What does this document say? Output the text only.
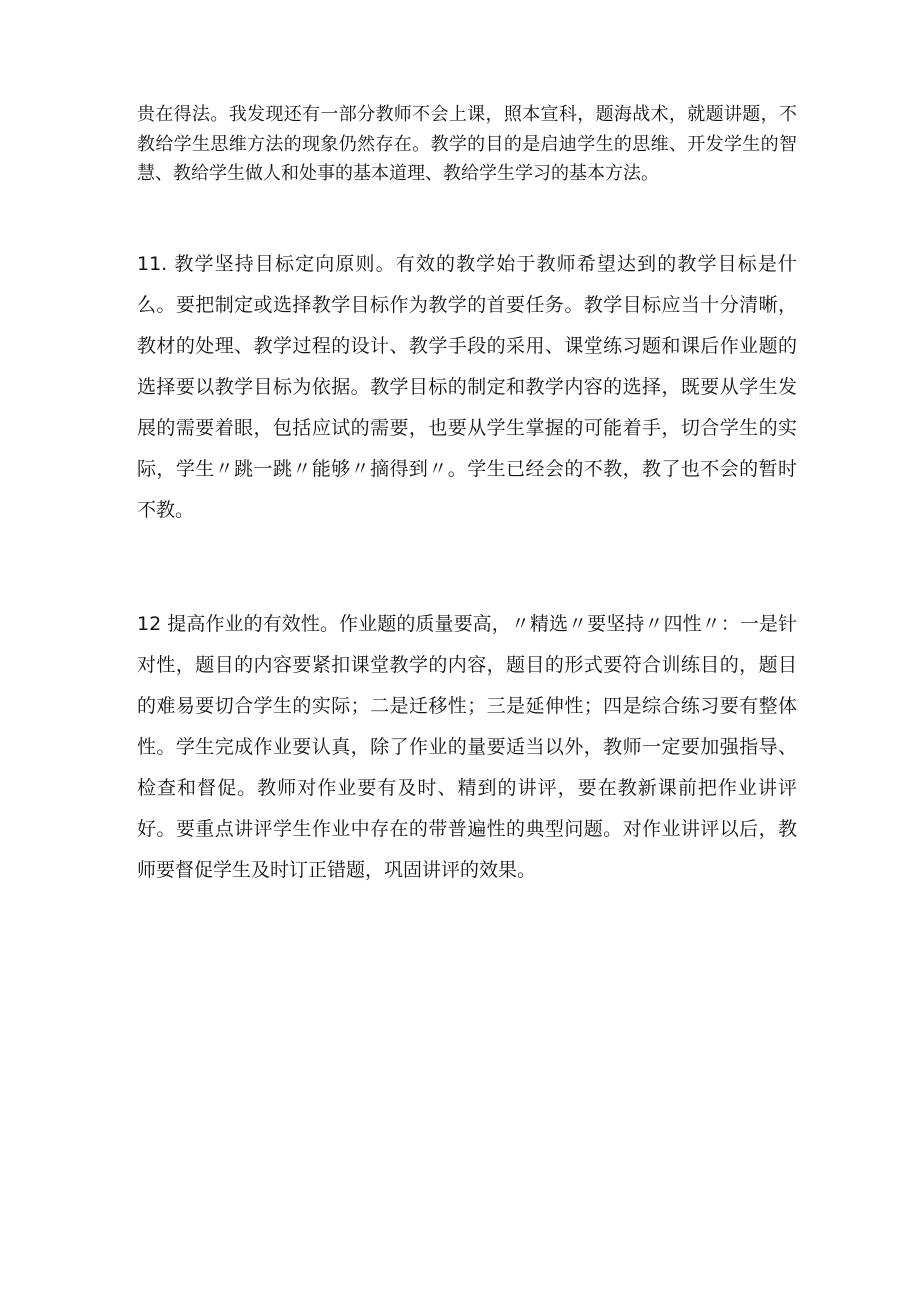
贵在得法。我发现还有一部分教师不会上课，照本宣科，题海战术，就题讲题，不教给学生思维方法的现象仍然存在。教学的目的是启迪学生的思维、开发学生的智慧、教给学生做人和处事的基本道理、教给学生学习的基本方法。

11. 教学坚持目标定向原则。有效的教学始于教师希望达到的教学目标是什么。要把制定或选择教学目标作为教学的首要任务。教学目标应当十分清晰，教材的处理、教学过程的设计、教学手段的采用、课堂练习题和课后作业题的选择要以教学目标为依据。教学目标的制定和教学内容的选择，既要从学生发展的需要着眼，包括应试的需要，也要从学生掌握的可能着手，切合学生的实际，学生〃跳一跳〃能够〃摘得到〃。学生已经会的不教，教了也不会的暂时不教。

12 提高作业的有效性。作业题的质量要高，〃精选〃要坚持〃四性〃：一是针对性，题目的内容要紧扣课堂教学的内容，题目的形式要符合训练目的，题目的难易要切合学生的实际；二是迁移性；三是延伸性；四是综合练习要有整体性。学生完成作业要认真，除了作业的量要适当以外，教师一定要加强指导、检查和督促。教师对作业要有及时、精到的讲评，要在教新课前把作业讲评好。要重点讲评学生作业中存在的带普遍性的典型问题。对作业讲评以后，教师要督促学生及时订正错题，巩固讲评的效果。
